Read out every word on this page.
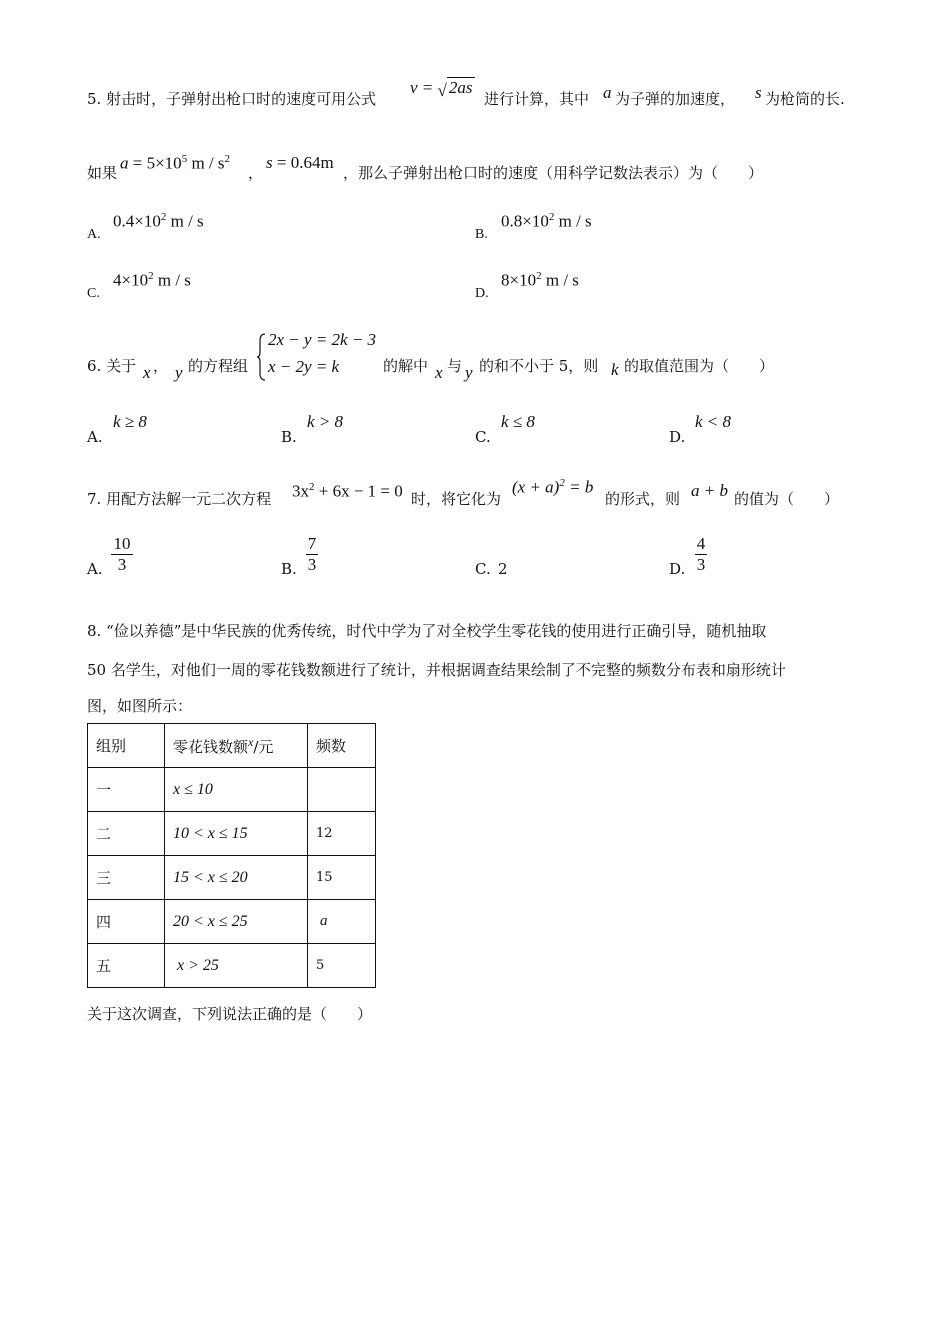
5. 射击时，子弹射出枪口时的速度可用公式
v = √ 2as
进行计算，其中 a 为子弹的加速度， s 为枪筒的长.
如果
$a = 5\times 10^5$ m / $s^2$
，
s = 0.64m
，那么子弹射出枪口时的速度（用科学记数法表示）为（　　）
A.
$0.4\times 10^2$ m / s
B.
$0.8\times 10^2$ m / s
C.
$4\times 10^2$ m / s
D.
$8\times 10^2$ m / s
6. 关于 x ， y 的方程组
2x − y = 2k − 3
x − 2y = k	的解中 x 与 y 的和不小于 5，则 k 的取值范围为（　　）
A.
k ≥ 8
B.
k > 8
C.
k ≤ 8
D.
k < 8
7. 用配方法解一元二次方程 $3x^2 + 6x - 1 = 0$ 时，将它化为
$(x + a)^2 = b$
的形式，则 a + b 的值为（　　）
A.
10
3	B.
7
3	C. 2	D.
4
3
8. “俭以养德”是中华民族的优秀传统，时代中学为了对全校学生零花钱的使用进行正确引导，随机抽取
50 名学生，对他们一周的零花钱数额进行了统计，并根据调查结果绘制了不完整的频数分布表和扇形统计
图，如图所示：
组别	零花钱数额$^x$/元	频数
一	x ≤ 10	
二	10 < x ≤ 15	12
三	15 < x ≤ 20	15
四	20 < x ≤ 25	a
五	x > 25	5
关于这次调查，下列说法正确的是（　　）
